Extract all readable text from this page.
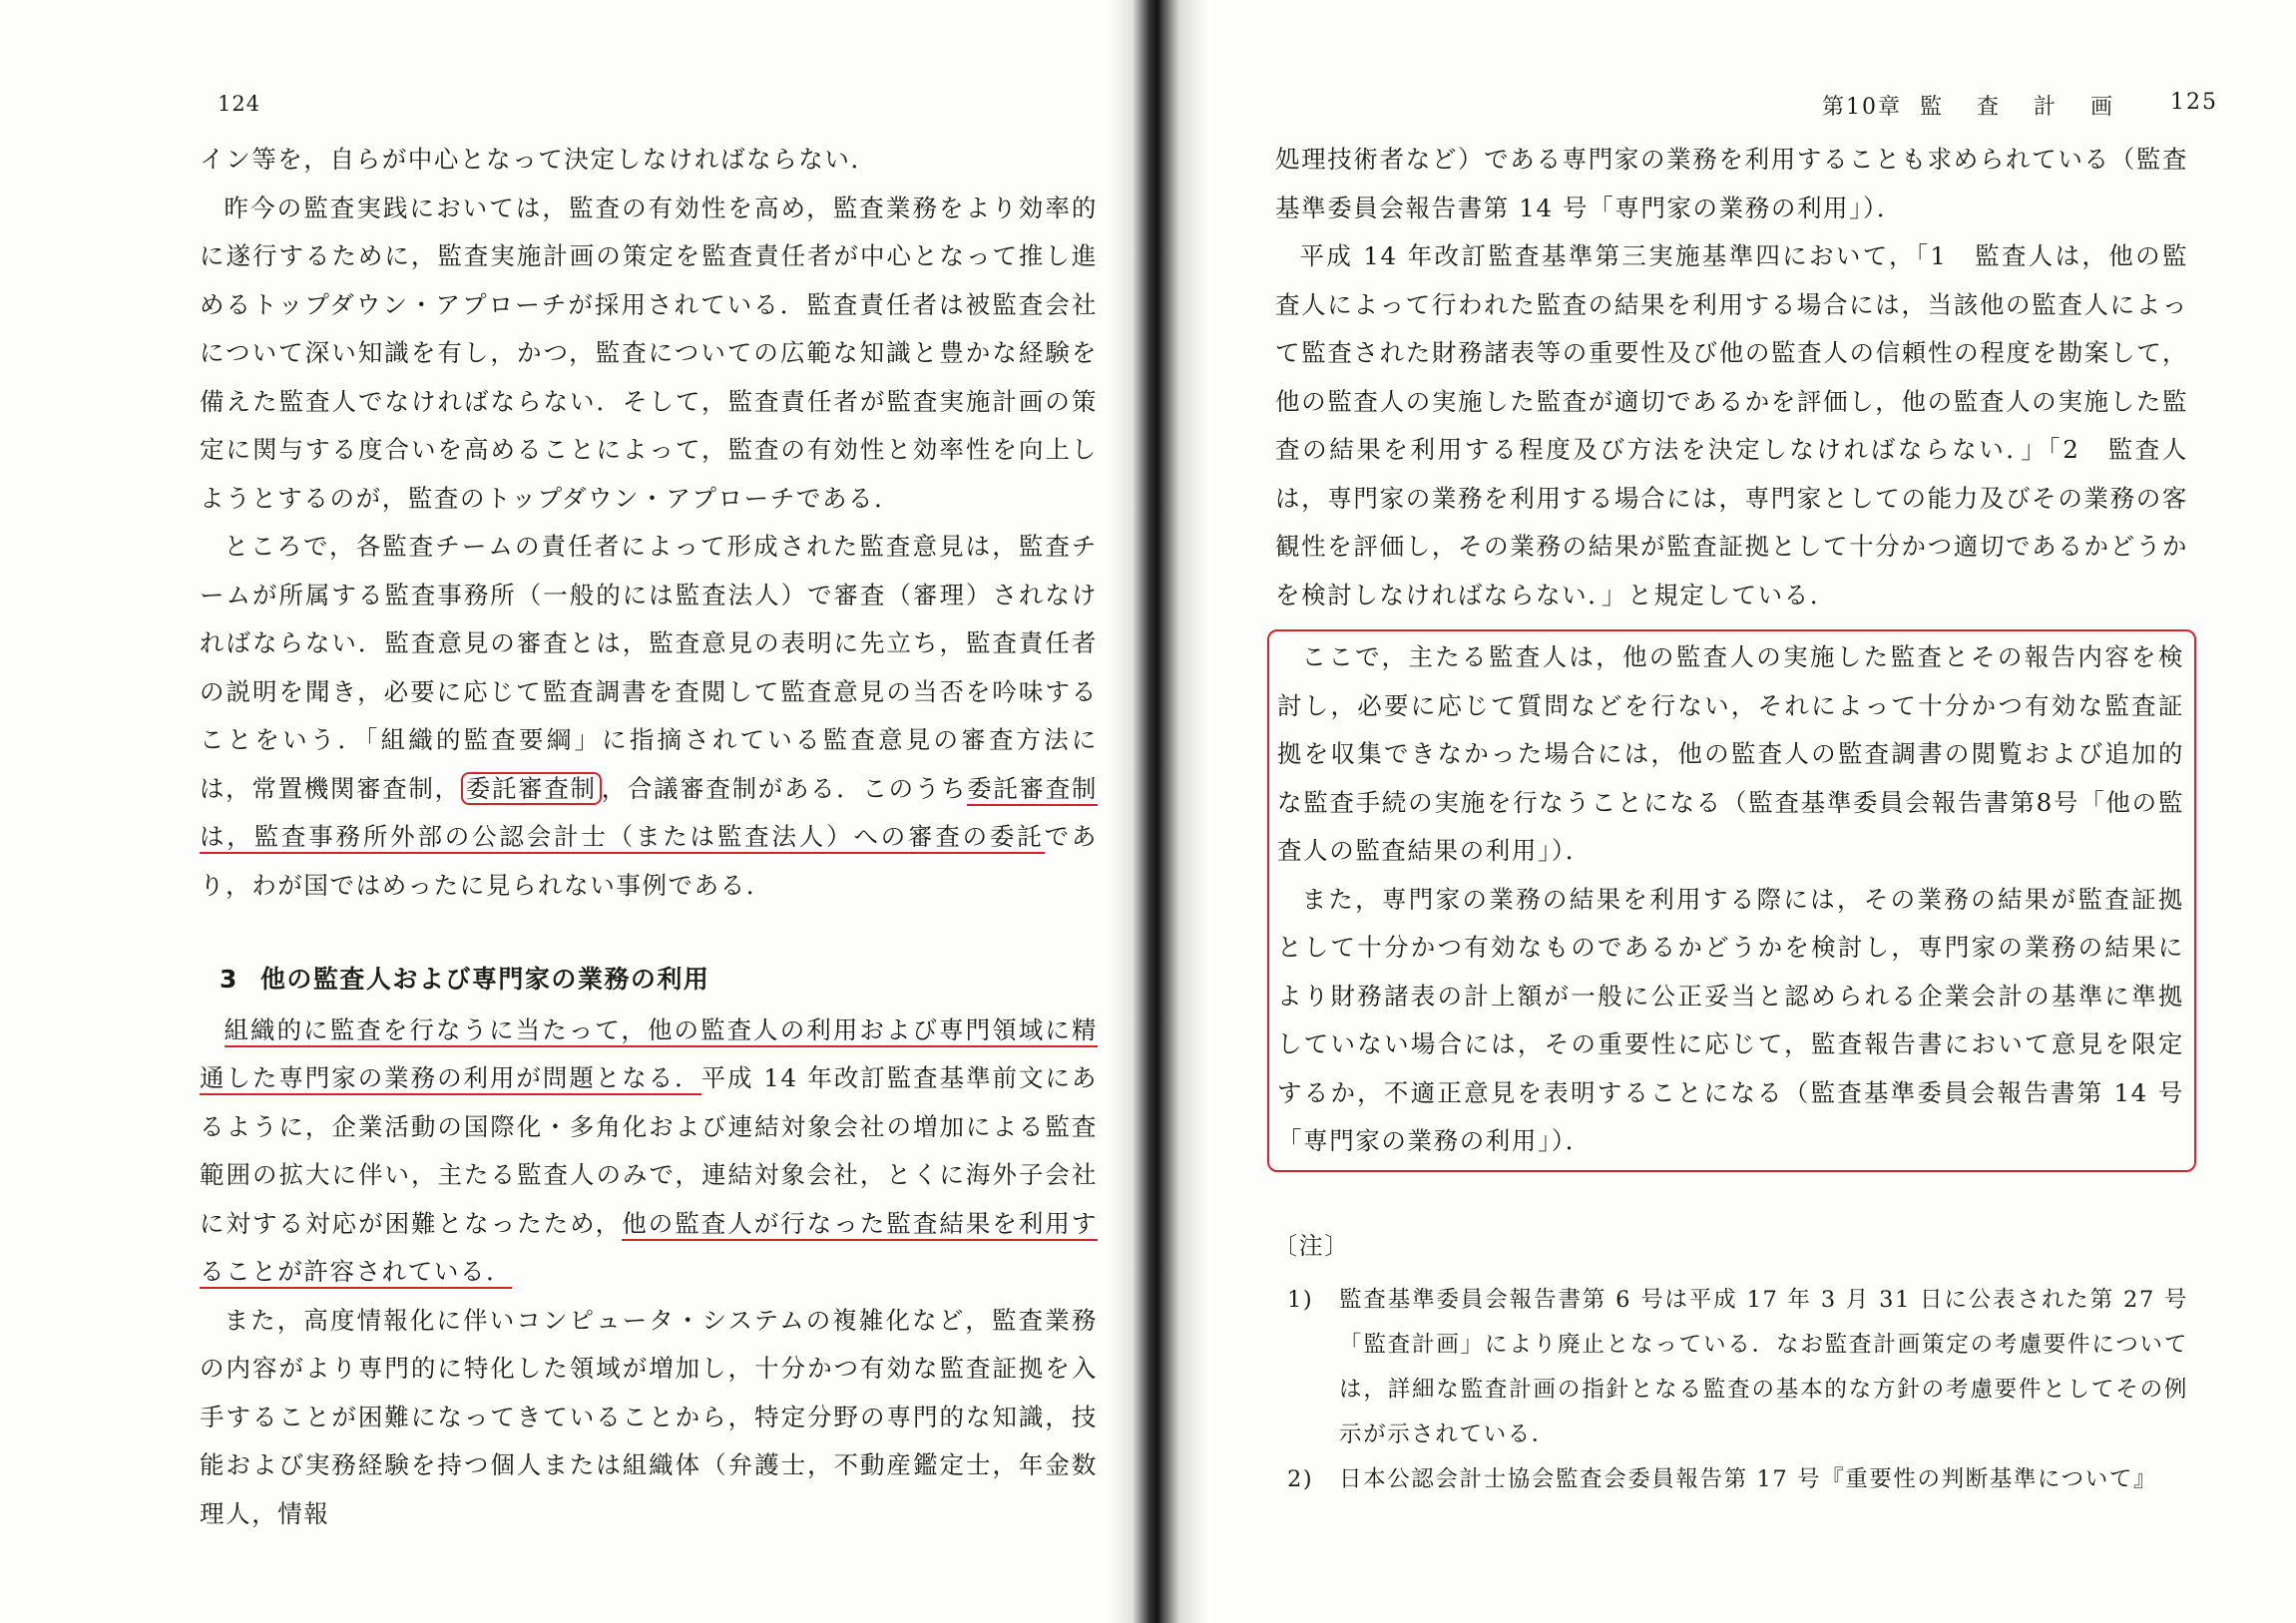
124

イン等を，自らが中心となって決定しなければならない．

昨今の監査実践においては，監査の有効性を高め，監査業務をより効率的に遂行するために，監査実施計画の策定を監査責任者が中心となって推し進めるトップダウン・アプローチが採用されている．監査責任者は被監査会社について深い知識を有し，かつ，監査についての広範な知識と豊かな経験を備えた監査人でなければならない．そして，監査責任者が監査実施計画の策定に関与する度合いを高めることによって，監査の有効性と効率性を向上しようとするのが，監査のトップダウン・アプローチである．

ところで，各監査チームの責任者によって形成された監査意見は，監査チームが所属する監査事務所（一般的には監査法人）で審査（審理）されなければならない．監査意見の審査とは，監査意見の表明に先立ち，監査責任者の説明を聞き，必要に応じて監査調書を査閲して監査意見の当否を吟味することをいう．「組織的監査要綱」に指摘されている監査意見の審査方法には，常置機関審査制， 委託審査制 ，合議審査制がある．このうち委託審査制は，監査事務所外部の公認会計士（または監査法人）への審査の委託であり，わが国ではめったに見られない事例である．

3 他の監査人および専門家の業務の利用

組織的に監査を行なうに当たって，他の監査人の利用および専門領域に精通した専門家の業務の利用が問題となる．平成 14 年改訂監査基準前文にあるように，企業活動の国際化・多角化および連結対象会社の増加による監査範囲の拡大に伴い，主たる監査人のみで，連結対象会社，とくに海外子会社に対する対応が困難となったため，他の監査人が行なった監査結果を利用することが許容されている．

また，高度情報化に伴いコンピュータ・システムの複雑化など，監査業務の内容がより専門的に特化した領域が増加し，十分かつ有効な監査証拠を入手することが困難になってきていることから，特定分野の専門的な知識，技能および実務経験を持つ個人または組織体（弁護士，不動産鑑定士，年金数理人，情報

第10章 監 査 計 画 125

処理技術者など）である専門家の業務を利用することも求められている（監査基準委員会報告書第 14 号「専門家の業務の利用」）．

平成 14 年改訂監査基準第三実施基準四において，「1　監査人は，他の監査人によって行われた監査の結果を利用する場合には，当該他の監査人によって監査された財務諸表等の重要性及び他の監査人の信頼性の程度を勘案して，他の監査人の実施した監査が適切であるかを評価し，他の監査人の実施した監査の結果を利用する程度及び方法を決定しなければならない．」「2　監査人は，専門家の業務を利用する場合には，専門家としての能力及びその業務の客観性を評価し，その業務の結果が監査証拠として十分かつ適切であるかどうかを検討しなければならない．」と規定している．

ここで，主たる監査人は，他の監査人の実施した監査とその報告内容を検討し，必要に応じて質問などを行ない，それによって十分かつ有効な監査証拠を収集できなかった場合には，他の監査人の監査調書の閲覧および追加的な監査手続の実施を行なうことになる（監査基準委員会報告書第8号「他の監査人の監査結果の利用」）．

また，専門家の業務の結果を利用する際には，その業務の結果が監査証拠として十分かつ有効なものであるかどうかを検討し，専門家の業務の結果により財務諸表の計上額が一般に公正妥当と認められる企業会計の基準に準拠していない場合には，その重要性に応じて，監査報告書において意見を限定するか，不適正意見を表明することになる（監査基準委員会報告書第 14 号「専門家の業務の利用」）．

〔注〕
1)	監査基準委員会報告書第 6 号は平成 17 年 3 月 31 日に公表された第 27 号「監査計画」により廃止となっている．なお監査計画策定の考慮要件については，詳細な監査計画の指針となる監査の基本的な方針の考慮要件としてその例示が示されている．
2)	日本公認会計士協会監査会委員報告第 17 号『重要性の判断基準について』
